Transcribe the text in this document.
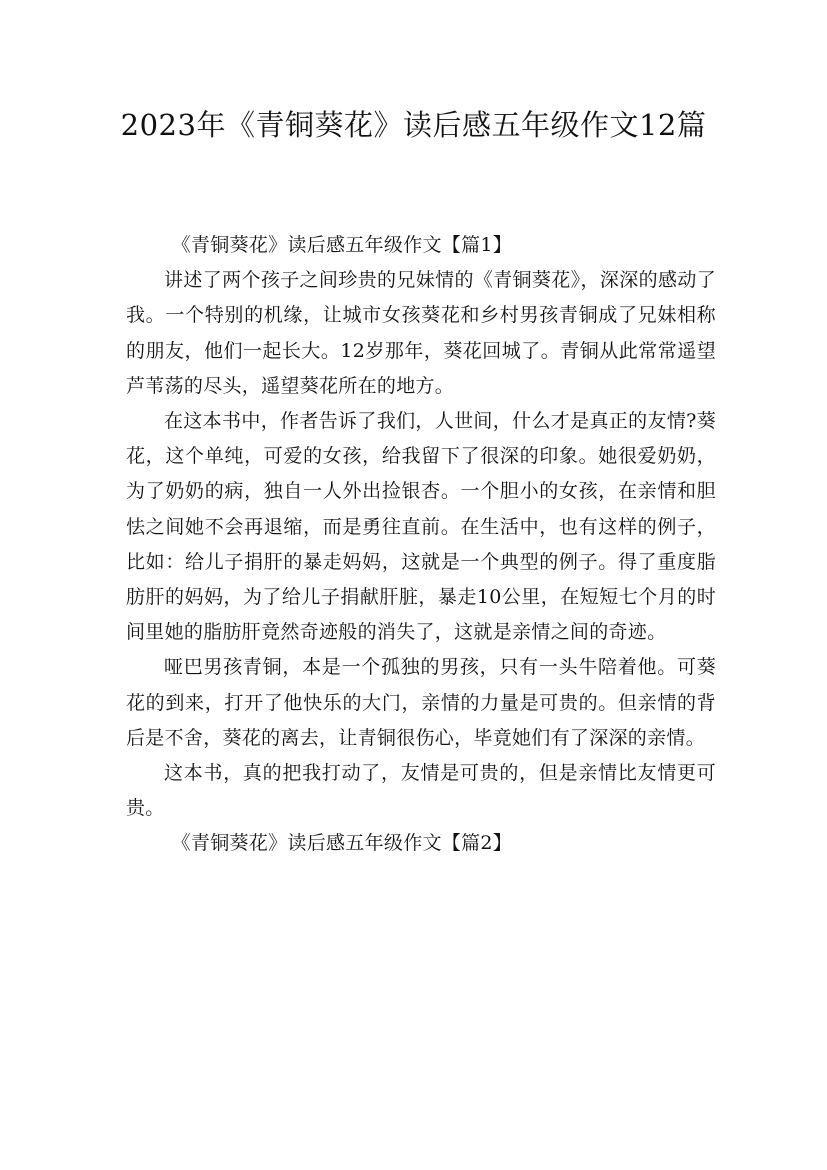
2023年《青铜葵花》读后感五年级作文12篇

《青铜葵花》读后感五年级作文【篇1】

讲述了两个孩子之间珍贵的兄妹情的《青铜葵花》，深深的感动了我。一个特别的机缘，让城市女孩葵花和乡村男孩青铜成了兄妹相称的朋友，他们一起长大。12岁那年，葵花回城了。青铜从此常常遥望芦苇荡的尽头，遥望葵花所在的地方。

在这本书中，作者告诉了我们，人世间，什么才是真正的友情?葵花，这个单纯，可爱的女孩，给我留下了很深的印象。她很爱奶奶，为了奶奶的病，独自一人外出捡银杏。一个胆小的女孩，在亲情和胆怯之间她不会再退缩，而是勇往直前。在生活中，也有这样的例子，比如：给儿子捐肝的暴走妈妈，这就是一个典型的例子。得了重度脂肪肝的妈妈，为了给儿子捐献肝脏，暴走10公里，在短短七个月的时间里她的脂肪肝竟然奇迹般的消失了，这就是亲情之间的奇迹。

哑巴男孩青铜，本是一个孤独的男孩，只有一头牛陪着他。可葵花的到来，打开了他快乐的大门，亲情的力量是可贵的。但亲情的背后是不舍，葵花的离去，让青铜很伤心，毕竟她们有了深深的亲情。

这本书，真的把我打动了，友情是可贵的，但是亲情比友情更可贵。

《青铜葵花》读后感五年级作文【篇2】
